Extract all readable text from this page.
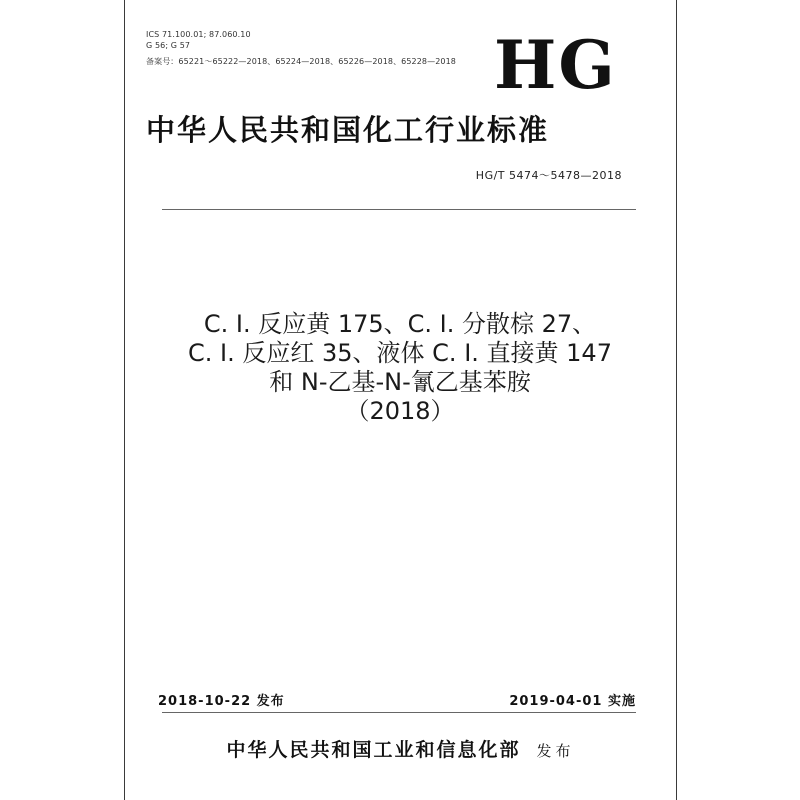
ICS 71.100.01; 87.060.10
G 56; G 57
备案号：65221～65222—2018、65224—2018、65226—2018、65228—2018 HG
中华人民共和国化工行业标准
HG/T 5474～5478—2018
C. I. 反应黄 175、C. I. 分散棕 27、
C. I. 反应红 35、液体 C. I. 直接黄 147
和 N-乙基-N-氰乙基苯胺
（2018）
2018-10-22 发布	2019-04-01 实施
中华人民共和国工业和信息化部 发布
